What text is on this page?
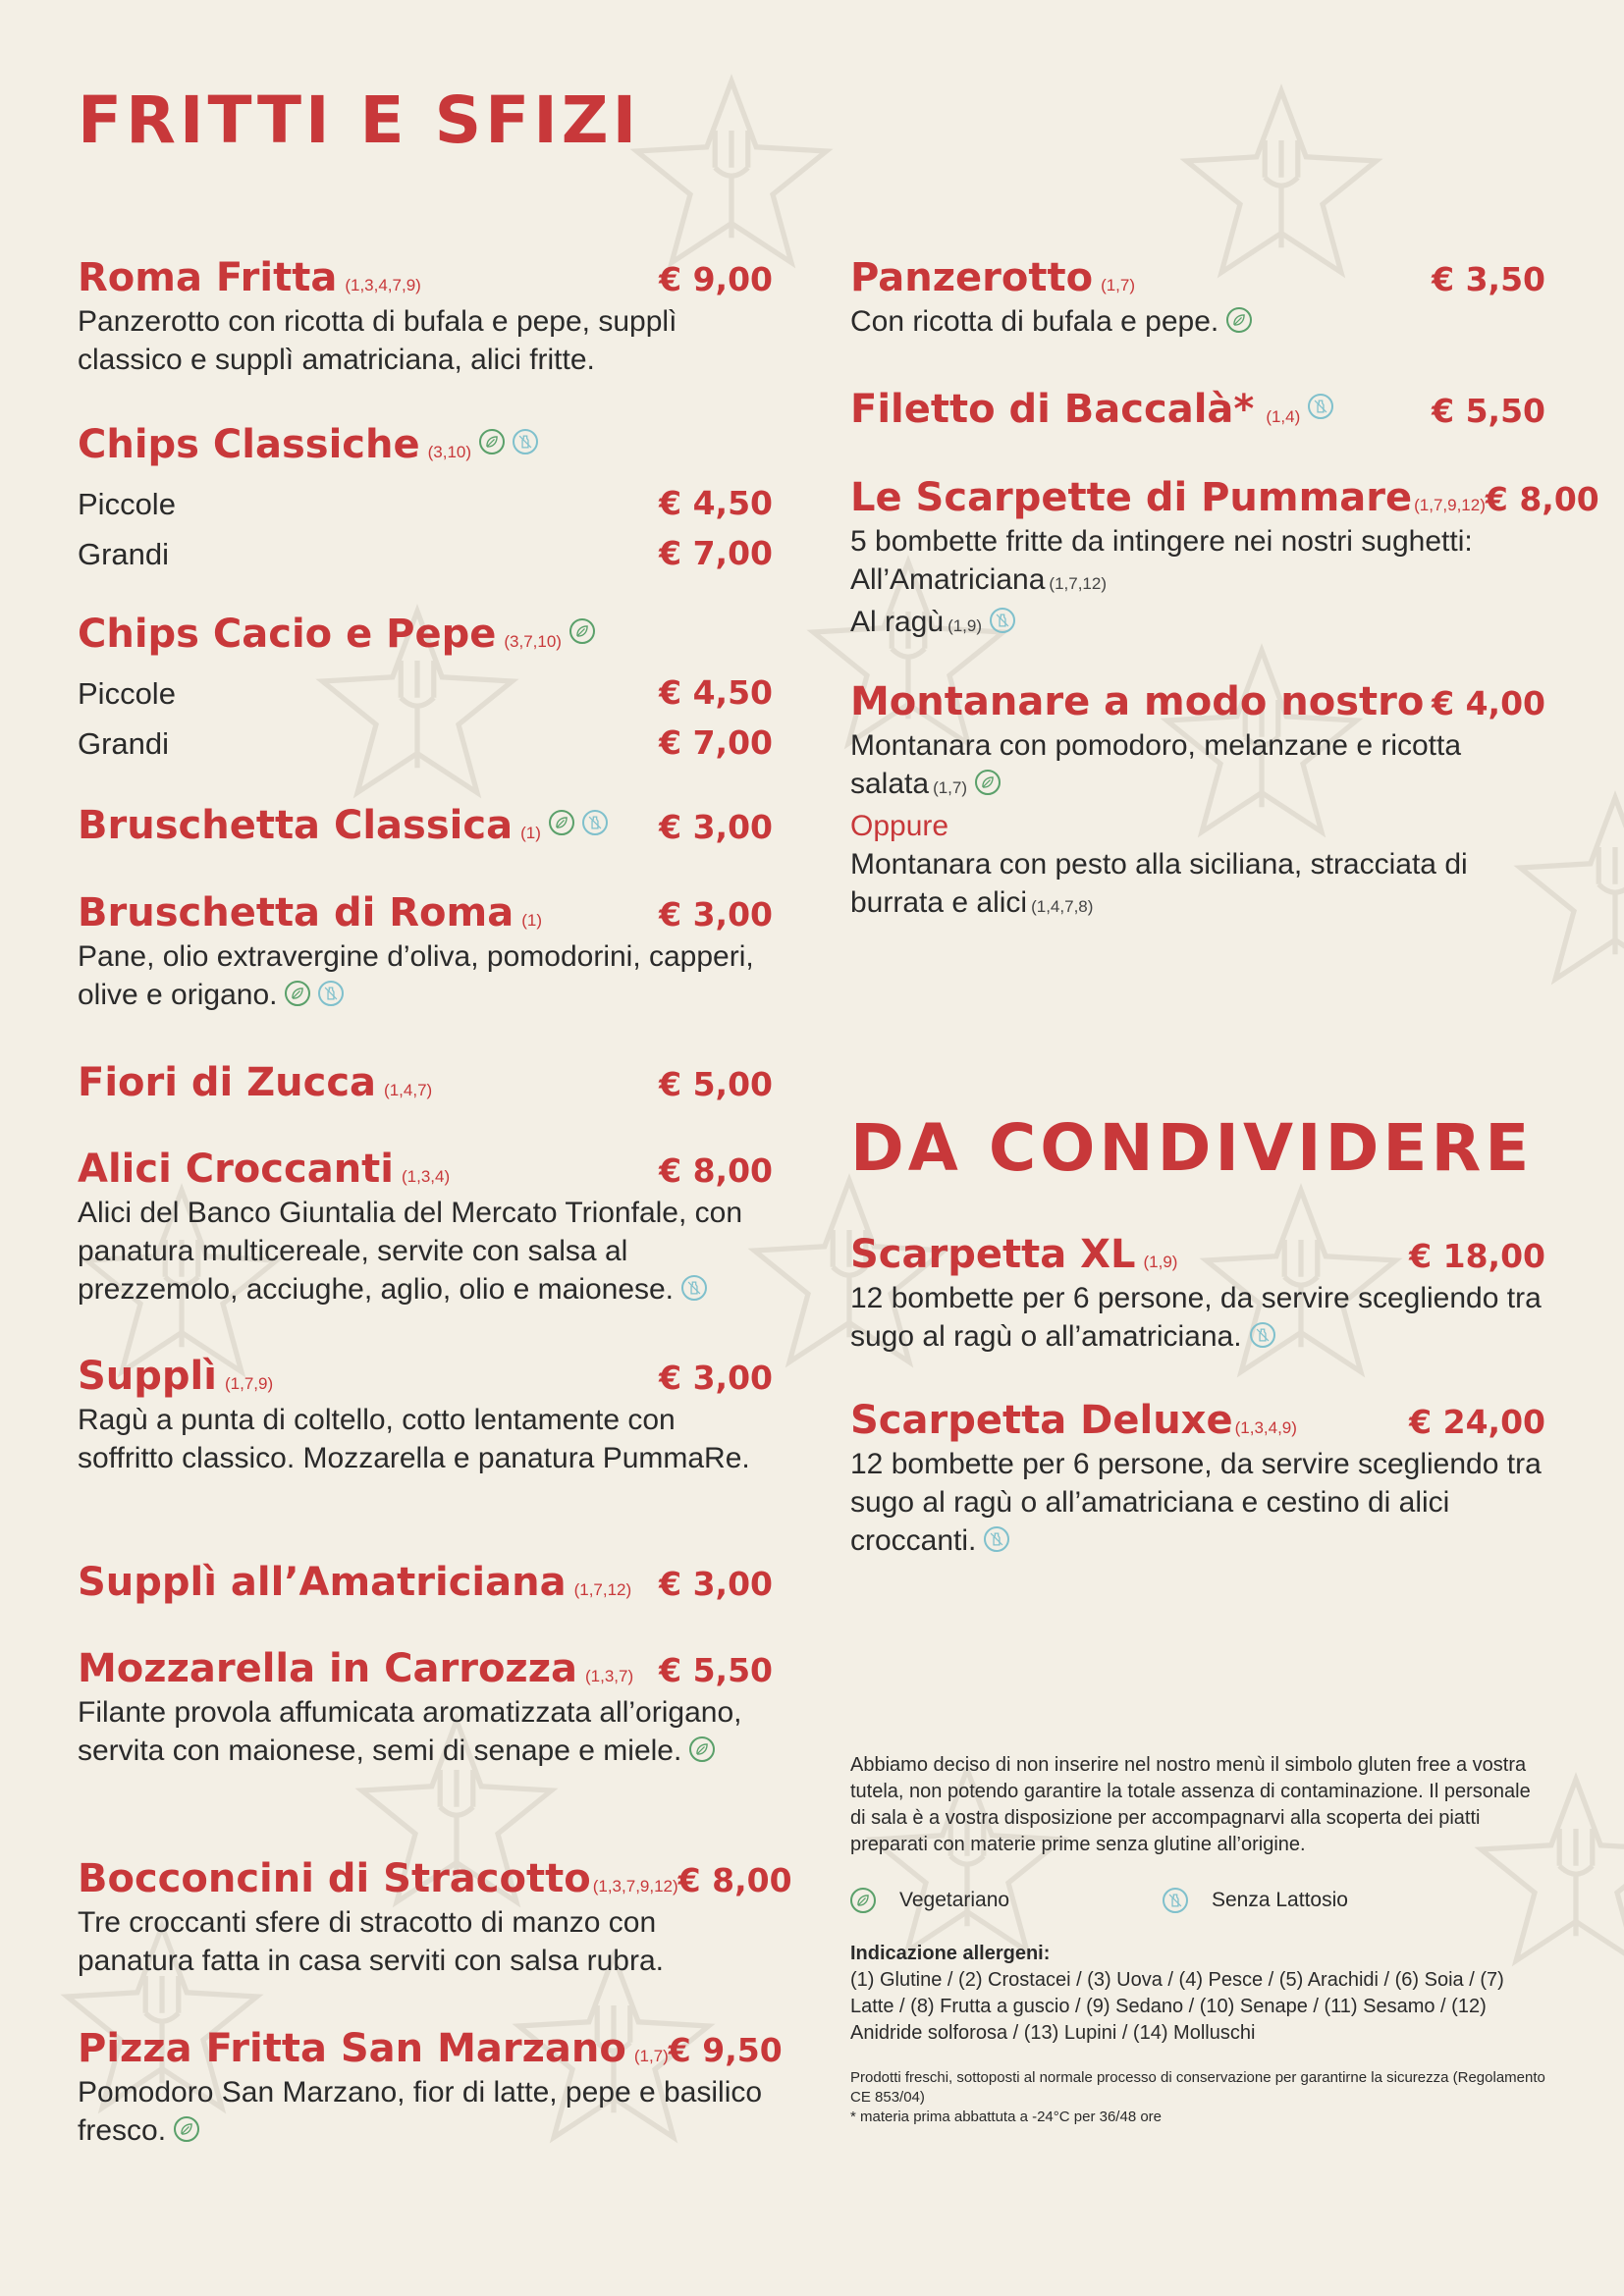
FRITTI E SFIZI
Roma Fritta (1,3,4,7,9)	€ 9,00
Panzerotto con ricotta di bufala e pepe, supplì classico e supplì amatriciana, alici fritte.
Chips Classiche (3,10)
Piccole	€ 4,50
Grandi	€ 7,00
Chips Cacio e Pepe (3,7,10)
Piccole	€ 4,50
Grandi	€ 7,00
Bruschetta Classica (1)	€ 3,00
Bruschetta di Roma (1)	€ 3,00
Pane, olio extravergine d’oliva, pomodorini, capperi, olive e origano.
Fiori di Zucca (1,4,7)	€ 5,00
Alici Croccanti (1,3,4)	€ 8,00
Alici del Banco Giuntalia del Mercato Trionfale, con panatura multicereale, servite con salsa al prezzemolo, acciughe, aglio, olio e maionese.
Supplì (1,7,9)	€ 3,00
Ragù a punta di coltello, cotto lentamente con soffritto classico. Mozzarella e panatura PummaRe.
Supplì all’Amatriciana (1,7,12) € 3,00
Mozzarella in Carrozza (1,3,7) € 5,50
Filante provola affumicata aromatizzata all’origano, servita con maionese, semi di senape e miele.
Bocconcini di Stracotto (1,3,7,9,12) € 8,00
Tre croccanti sfere di stracotto di manzo con panatura fatta in casa serviti con salsa rubra.
Pizza Fritta San Marzano (1,7) € 9,50
Pomodoro San Marzano, fior di latte, pepe e basilico fresco.
Panzerotto (1,7)	€ 3,50
Con ricotta di bufala e pepe.
Filetto di Baccalà* (1,4)	€ 5,50
Le Scarpette di Pummare (1,7,9,12) € 8,00
5 bombette fritte da intingere nei nostri sughetti:
All’Amatriciana (1,7,12)
Al ragù (1,9)
Montanare a modo nostro € 4,00
Montanara con pomodoro, melanzane e ricotta salata (1,7)
Oppure
Montanara con pesto alla siciliana, stracciata di burrata e alici (1,4,7,8)
DA CONDIVIDERE
Scarpetta XL (1,9)	€ 18,00
12 bombette per 6 persone, da servire scegliendo tra sugo al ragù o all’amatriciana.
Scarpetta Deluxe (1,3,4,9)	€ 24,00
12 bombette per 6 persone, da servire scegliendo tra sugo al ragù o all’amatriciana e cestino di alici croccanti.

Abbiamo deciso di non inserire nel nostro menù il simbolo gluten free a vostra tutela, non potendo garantire la totale assenza di contaminazione. Il personale di sala è a vostra disposizione per accompagnarvi alla scoperta dei piatti preparati con materie prime senza glutine all’origine.

Vegetariano	Senza Lattosio
Indicazione allergeni:

(1) Glutine / (2) Crostacei / (3) Uova / (4) Pesce / (5) Arachidi / (6) Soia / (7) Latte / (8) Frutta a guscio / (9) Sedano / (10) Senape / (11) Sesamo / (12) Anidride solforosa / (13) Lupini / (14) Molluschi

Prodotti freschi, sottoposti al normale processo di conservazione per garantirne la sicurezza (Regolamento CE 853/04)

* materia prima abbattuta a -24°C per 36/48 ore
